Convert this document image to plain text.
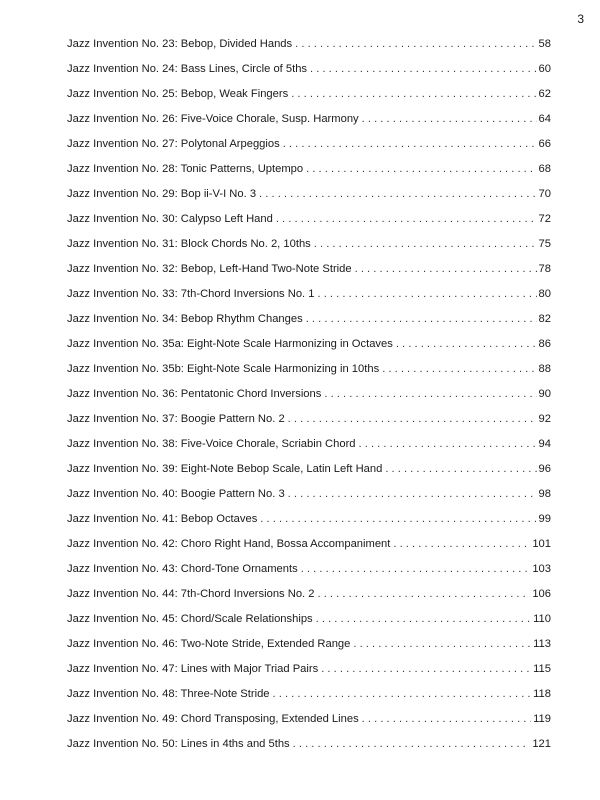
3
Jazz Invention No. 23: Bebop, Divided Hands . . .	58
Jazz Invention No. 24: Bass Lines, Circle of 5ths . . .	60
Jazz Invention No. 25: Bebop, Weak Fingers . . .	62
Jazz Invention No. 26: Five-Voice Chorale, Susp. Harmony . . .	64
Jazz Invention No. 27: Polytonal Arpeggios . . .	66
Jazz Invention No. 28: Tonic Patterns, Uptempo . . .	68
Jazz Invention No. 29: Bop ii-V-I No. 3 . . .	70
Jazz Invention No. 30: Calypso Left Hand . . .	72
Jazz Invention No. 31: Block Chords No. 2, 10ths . . .	75
Jazz Invention No. 32: Bebop, Left-Hand Two-Note Stride . . .	78
Jazz Invention No. 33: 7th-Chord Inversions No. 1 . . .	80
Jazz Invention No. 34: Bebop Rhythm Changes . . .	82
Jazz Invention No. 35a: Eight-Note Scale Harmonizing in Octaves . . .	86
Jazz Invention No. 35b: Eight-Note Scale Harmonizing in 10ths . . .	88
Jazz Invention No. 36: Pentatonic Chord Inversions . . .	90
Jazz Invention No. 37: Boogie Pattern No. 2 . . .	92
Jazz Invention No. 38: Five-Voice Chorale, Scriabin Chord . . .	94
Jazz Invention No. 39: Eight-Note Bebop Scale, Latin Left Hand . . .	96
Jazz Invention No. 40: Boogie Pattern No. 3 . . .	98
Jazz Invention No. 41: Bebop Octaves . . .	99
Jazz Invention No. 42: Choro Right Hand, Bossa Accompaniment . . .	101
Jazz Invention No. 43: Chord-Tone Ornaments . . .	103
Jazz Invention No. 44: 7th-Chord Inversions No. 2 . . .	106
Jazz Invention No. 45: Chord/Scale Relationships . . .	110
Jazz Invention No. 46: Two-Note Stride, Extended Range . . .	113
Jazz Invention No. 47: Lines with Major Triad Pairs . . .	115
Jazz Invention No. 48: Three-Note Stride . . .	118
Jazz Invention No. 49: Chord Transposing, Extended Lines . . .	119
Jazz Invention No. 50: Lines in 4ths and 5ths . . .	121
